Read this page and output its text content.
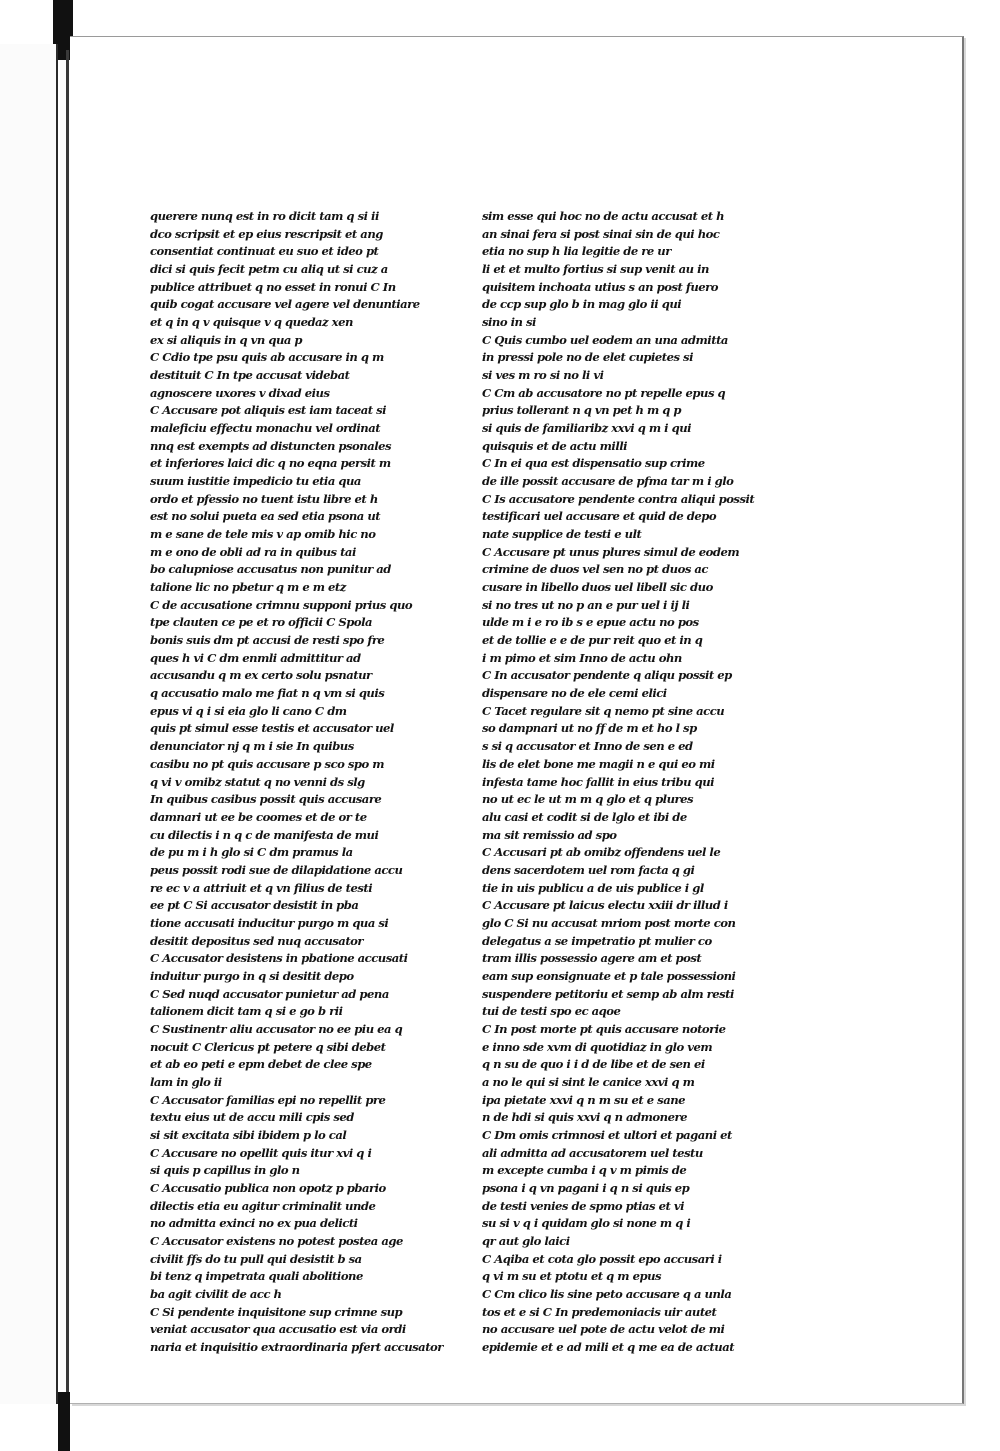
querere nunq est in ro dicit tam q si ii
dco scripsit et ep eius rescripsit et ang
consentiat continuat eu suo et ideo pt
dici si quis fecit petm cu aliq ut si cuz a
publice attribuet q no esset in ronui C In
quib cogat accusare vel agere vel denuntiare
et q in q v quisque v q quedaz xen
ex si aliquis in q vn qua p
C Cdio tpe psu quis ab accusare in q m
destituit C In tpe accusat videbat
agnoscere uxores v dixad eius
C Accusare pot aliquis est iam taceat si
maleficiu effectu monachu vel ordinat
nnq est exempts ad distuncten psonales
et inferiores laici dic q no eqna persit m
suum iustitie impedicio tu etia qua
ordo et pfessio no tuent istu libre et h
est no solui pueta ea sed etia psona ut
m e sane de tele mis v ap omib hic no
m e ono de obli ad ra in quibus tai
bo calupniose accusatus non punitur ad
talione lic no pbetur q m e m etz
C de accusatione crimnu supponi prius quo
tpe clauten ce pe et ro officii C Spola
bonis suis dm pt accusi de resti spo fre
ques h vi C dm enmli admittitur ad
accusandu q m ex certo solu psnatur
q accusatio malo me fiat n q vm si quis
epus vi q i si eia glo li cano C dm
quis pt simul esse testis et accusator uel
denunciator nj q m i sie In quibus
casibu no pt quis accusare p sco spo m
q vi v omibz statut q no venni ds slg
In quibus casibus possit quis accusare
damnari ut ee be coomes et de or te
cu dilectis i n q c de manifesta de mui
de pu m i h glo si C dm pramus la
peus possit rodi sue de dilapidatione accu
re ec v a attriuit et q vn filius de testi
ee pt C Si accusator desistit in pba
tione accusati inducitur purgo m qua si
desitit depositus sed nuq accusator
C Accusator desistens in pbatione accusati
induitur purgo in q si desitit depo
C Sed nuqd accusator punietur ad pena
talionem dicit tam q si e go b rii
C Sustinentr aliu accusator no ee piu ea q
nocuit C Clericus pt petere q sibi debet
et ab eo peti e epm debet de clee spe
lam in glo ii
C Accusator familias epi no repellit pre
textu eius ut de accu mili cpis sed
si sit excitata sibi ibidem p lo cal
C Accusare no opellit quis itur xvi q i
si quis p capillus in glo n
C Accusatio publica non opotz p pbario
dilectis etia eu agitur criminalit unde
no admitta exinci no ex pua delicti
C Accusator existens no potest postea age
civilit ffs do tu pull qui desistit b sa
bi tenz q impetrata quali abolitione
ba agit civilit de acc h
C Si pendente inquisitone sup crimne sup
veniat accusator qua accusatio est via ordi
naria et inquisitio extraordinaria pfert accusator
sim esse qui hoc no de actu accusat et h
an sinai fera si post sinai sin de qui hoc
etia no sup h lia legitie de re ur
li et et multo fortius si sup venit au in
quisitem inchoata utius s an post fuero
de ccp sup glo b in mag glo ii qui
sino in si
C Quis cumbo uel eodem an una admitta
in pressi pole no de elet cupietes si
si ves m ro si no li vi
C Cm ab accusatore no pt repelle epus q
prius tollerant n q vn pet h m q p
si quis de familiaribz xxvi q m i qui
quisquis et de actu milli
C In ei qua est dispensatio sup crime
de ille possit accusare de pfma tar m i glo
C Is accusatore pendente contra aliqui possit
testificari uel accusare et quid de depo
nate supplice de testi e ult
C Accusare pt unus plures simul de eodem
crimine de duos vel sen no pt duos ac
cusare in libello duos uel libell sic duo
si no tres ut no p an e pur uel i ij li
ulde m i e ro ib s e epue actu no pos
et de tollie e e de pur reit quo et in q
i m pimo et sim Inno de actu ohn
C In accusator pendente q aliqu possit ep
dispensare no de ele cemi elici
C Tacet regulare sit q nemo pt sine accu
so dampnari ut no ff de m et ho l sp
s si q accusator et Inno de sen e ed
lis de elet bone me magii n e qui eo mi
infesta tame hoc fallit in eius tribu qui
no ut ec le ut m m q glo et q plures
alu casi et codit si de lglo et ibi de
ma sit remissio ad spo
C Accusari pt ab omibz offendens uel le
dens sacerdotem uel rom facta q gi
tie in uis publicu a de uis publice i gl
C Accusare pt laicus electu xxiii dr illud i
glo C Si nu accusat mriom post morte con
delegatus a se impetratio pt mulier co
tram illis possessio agere am et post
eam sup eonsignuate et p tale possessioni
suspendere petitoriu et semp ab alm resti
tui de testi spo ec aqoe
C In post morte pt quis accusare notorie
e inno sde xvm di quotidiaz in glo vem
q n su de quo i i d de libe et de sen ei
a no le qui si sint le canice xxvi q m
ipa pietate xxvi q n m su et e sane
n de hdi si quis xxvi q n admonere
C Dm omis crimnosi et ultori et pagani et
ali admitta ad accusatorem uel testu
m excepte cumba i q v m pimis de
psona i q vn pagani i q n si quis ep
de testi venies de spmo ptias et vi
su si v q i quidam glo si none m q i
qr aut glo laici
C Aqiba et cota glo possit epo accusari i
q vi m su et ptotu et q m epus
C Cm clico lis sine peto accusare q a unla
tos et e si C In predemoniacis uir autet
no accusare uel pote de actu velot de mi
epidemie et e ad mili et q me ea de actuat
